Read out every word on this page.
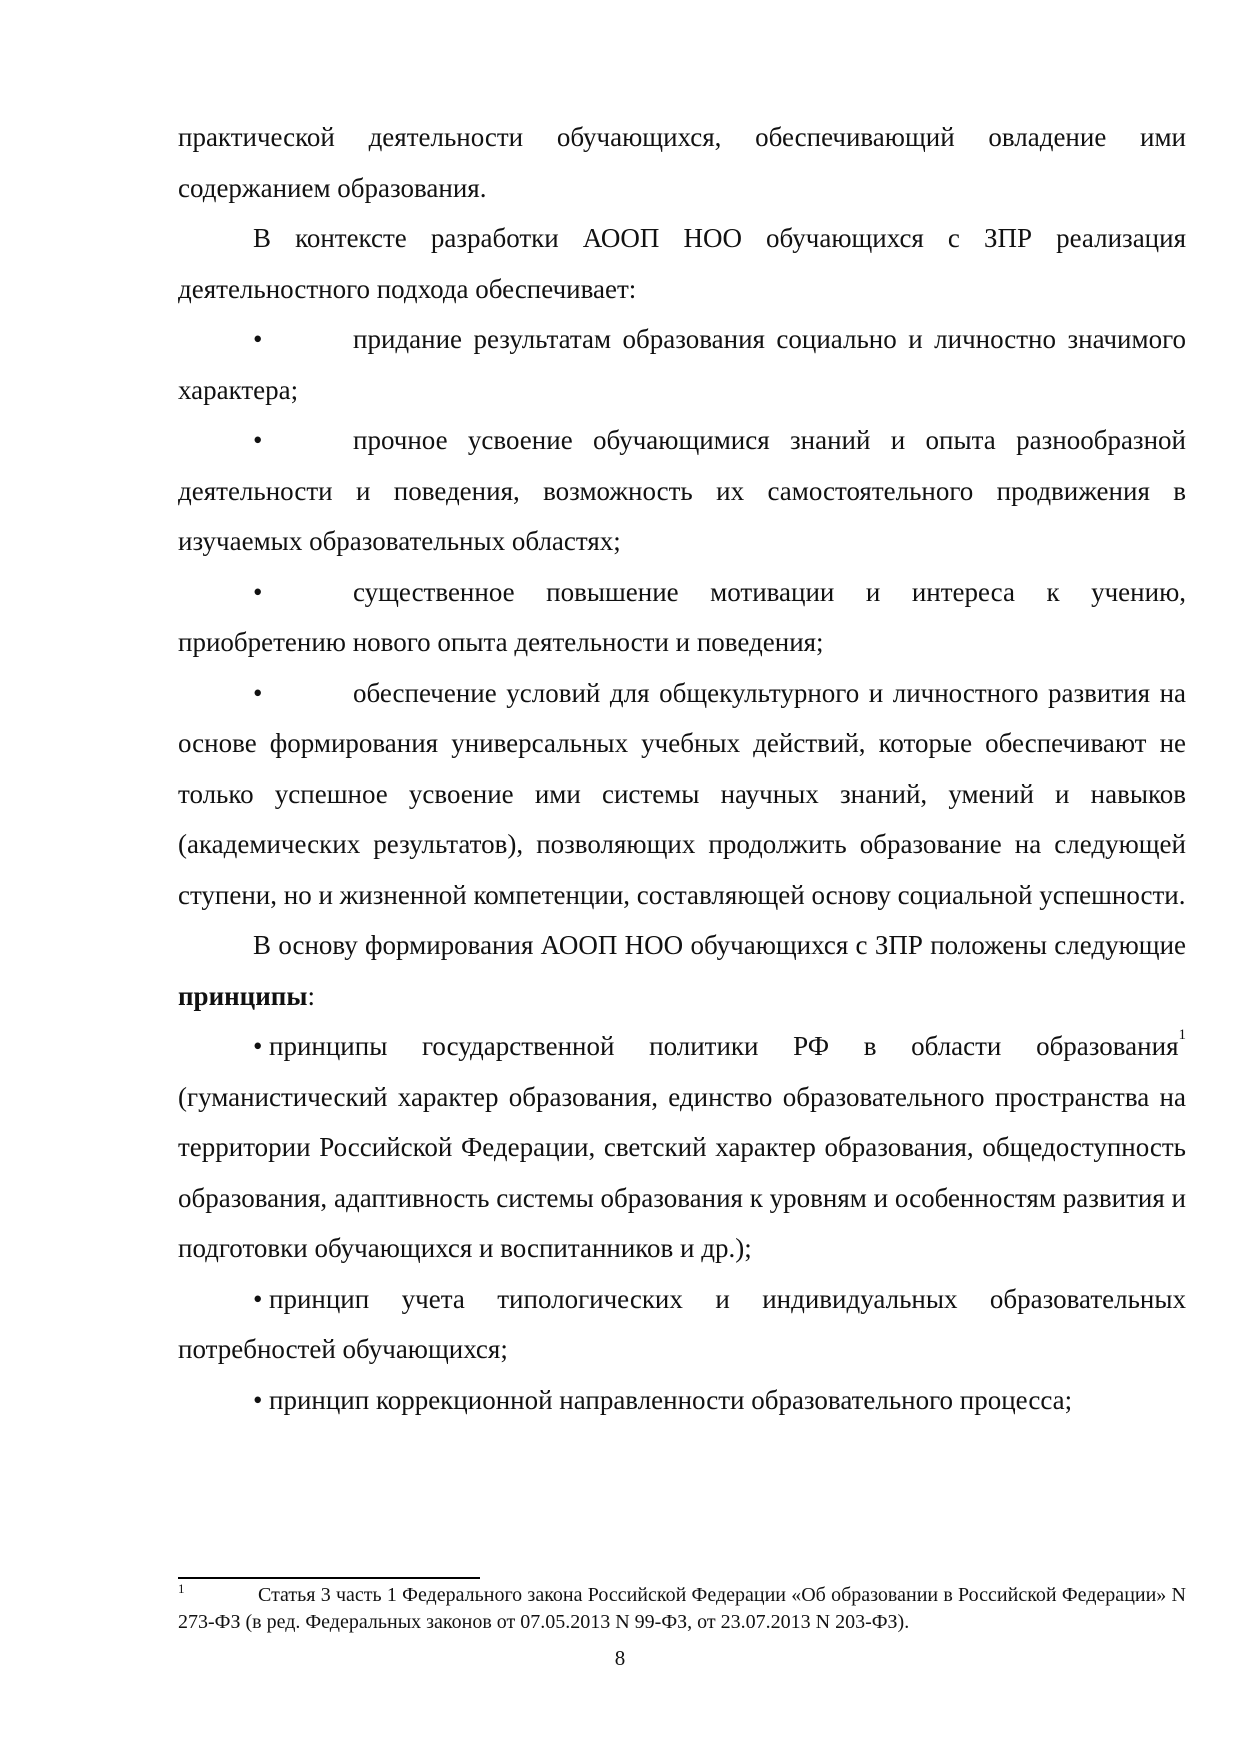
практической деятельности обучающихся, обеспечивающий овладение ими содержанием образования.

В контексте разработки АООП НОО обучающихся с ЗПР реализация деятельностного подхода обеспечивает:

•	придание результатам образования социально и личностно значимого характера;

•	прочное усвоение обучающимися знаний и опыта разнообразной деятельности и поведения, возможность их самостоятельного продвижения в изучаемых образовательных областях;

•	существенное повышение мотивации и интереса к учению, приобретению нового опыта деятельности и поведения;

•	обеспечение условий для общекультурного и личностного развития на основе формирования универсальных учебных действий, которые обеспечивают не только успешное усвоение ими системы научных знаний, умений и навыков (академических результатов), позволяющих продолжить образование на следующей ступени, но и жизненной компетенции, составляющей основу социальной успешности.

В основу формирования АООП НОО обучающихся с ЗПР положены следующие принципы:

• принципы государственной политики РФ в области образования$^1$ (гуманистический характер образования, единство образовательного пространства на территории Российской Федерации, светский характер образования, общедоступность образования, адаптивность системы образования к уровням и особенностям развития и подготовки обучающихся и воспитанников и др.);

• принцип учета типологических и индивидуальных образовательных потребностей обучающихся;

• принцип коррекционной направленности образовательного процесса;

1	Статья 3 часть 1 Федерального закона Российской Федерации «Об образовании в Российской Федерации» N 273-ФЗ (в ред. Федеральных законов от 07.05.2013 N 99-ФЗ, от 23.07.2013 N 203-ФЗ).

8
